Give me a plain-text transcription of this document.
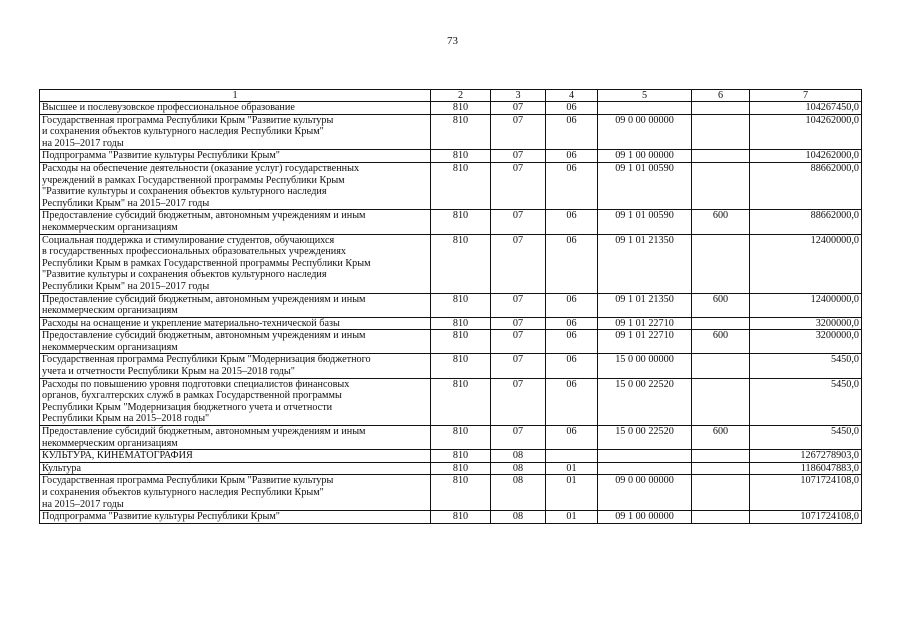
73
1	2	3	4	5	6	7
Высшее и послевузовское профессиональное образование	810	07	06			104267450,0
Государственная программа Республики Крым "Развитие культуры
и сохранения объектов культурного наследия Республики Крым"
на 2015–2017 годы	810	07	06	09 0 00 00000		104262000,0
Подпрограмма "Развитие культуры Республики Крым"	810	07	06	09 1 00 00000		104262000,0
Расходы на обеспечение деятельности (оказание услуг) государственных
учреждений в рамках Государственной программы Республики Крым
"Развитие культуры и сохранения объектов культурного наследия
Республики Крым" на 2015–2017 годы	810	07	06	09 1 01 00590		88662000,0
Предоставление субсидий бюджетным, автономным учреждениям и иным
некоммерческим организациям	810	07	06	09 1 01 00590	600	88662000,0
Социальная поддержка и стимулирование студентов, обучающихся
в государственных профессиональных образовательных учреждениях
Республики Крым в рамках Государственной программы Республики Крым
"Развитие культуры и сохранения объектов культурного наследия
Республики Крым" на 2015–2017 годы	810	07	06	09 1 01 21350		12400000,0
Предоставление субсидий бюджетным, автономным учреждениям и иным
некоммерческим организациям	810	07	06	09 1 01 21350	600	12400000,0
Расходы на оснащение и укрепление материально-технической базы	810	07	06	09 1 01 22710		3200000,0
Предоставление субсидий бюджетным, автономным учреждениям и иным
некоммерческим организациям	810	07	06	09 1 01 22710	600	3200000,0
Государственная программа Республики Крым "Модернизация бюджетного
учета и отчетности Республики Крым на 2015–2018 годы"	810	07	06	15 0 00 00000		5450,0
Расходы по повышению уровня подготовки специалистов финансовых
органов, бухгалтерских служб в рамках Государственной программы
Республики Крым "Модернизация бюджетного учета и отчетности
Республики Крым на 2015–2018 годы"	810	07	06	15 0 00 22520		5450,0
Предоставление субсидий бюджетным, автономным учреждениям и иным
некоммерческим организациям	810	07	06	15 0 00 22520	600	5450,0
КУЛЬТУРА, КИНЕМАТОГРАФИЯ	810	08				1267278903,0
Культура	810	08	01			1186047883,0
Государственная программа Республики Крым "Развитие культуры
и сохранения объектов культурного наследия Республики Крым"
на 2015–2017 годы	810	08	01	09 0 00 00000		1071724108,0
Подпрограмма "Развитие культуры Республики Крым"	810	08	01	09 1 00 00000		1071724108,0
